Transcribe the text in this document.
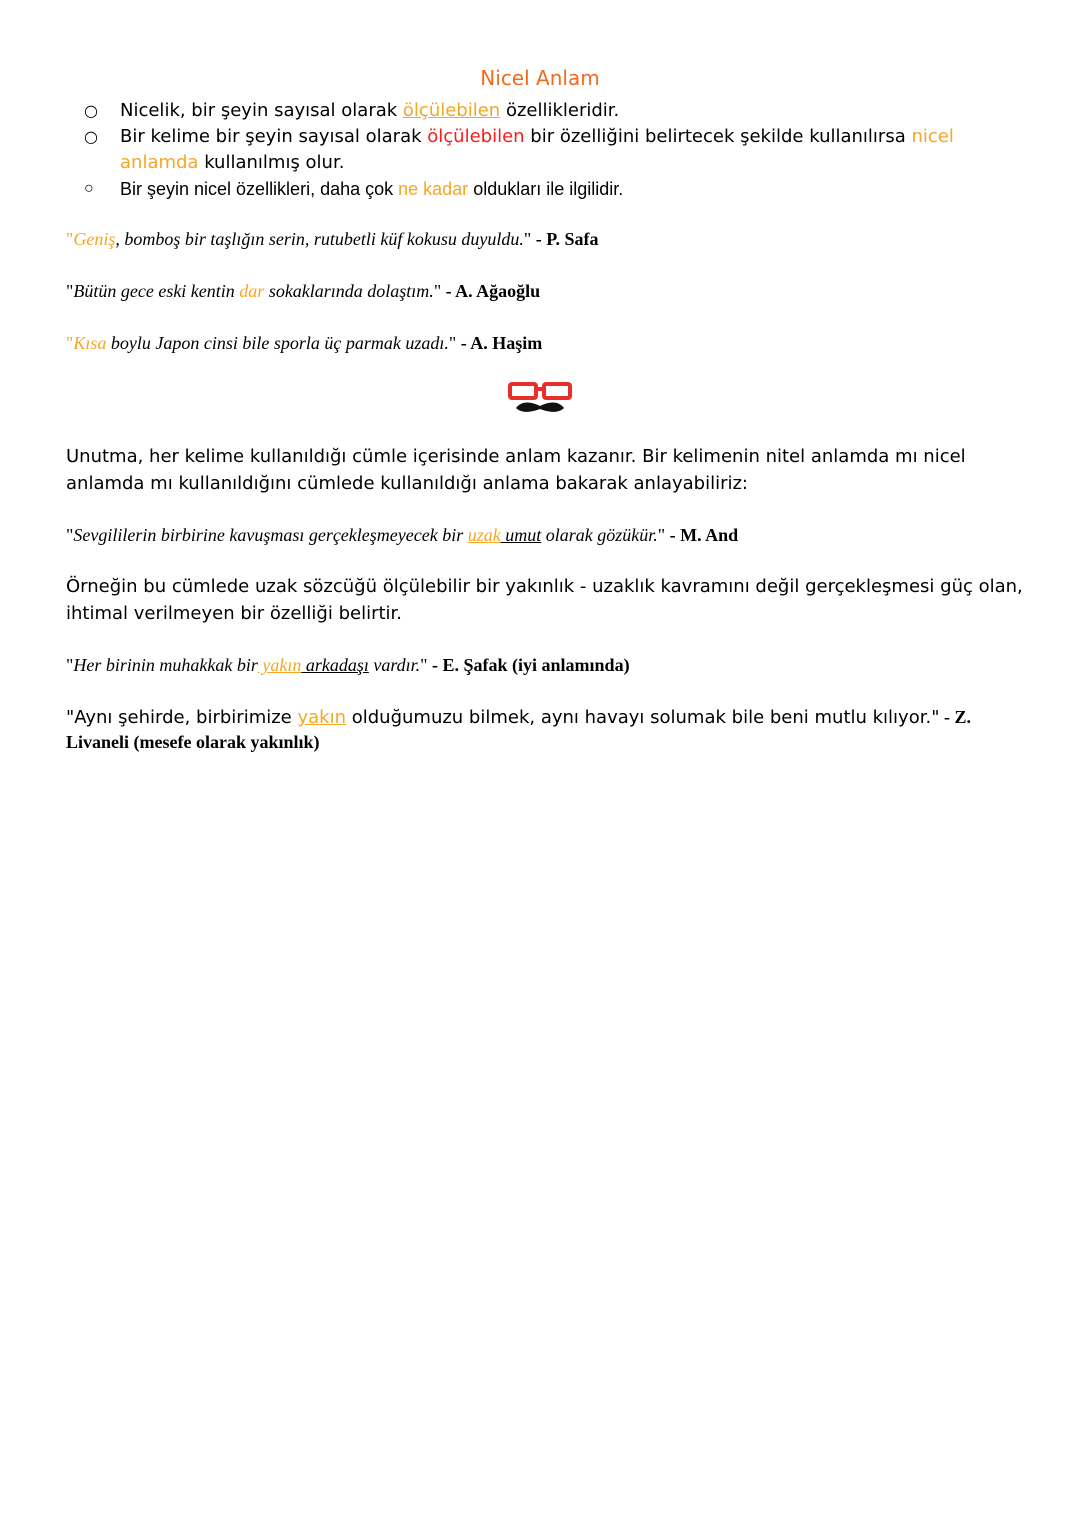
Nicel Anlam
○ Nicelik, bir şeyin sayısal olarak ölçülebilen özellikleridir.
○ Bir kelime bir şeyin sayısal olarak ölçülebilen bir özelliğini belirtecek şekilde kullanılırsa nicel anlamda kullanılmış olur.
○ Bir şeyin nicel özellikleri, daha çok ne kadar oldukları ile ilgilidir.
"Geniş, bomboş bir taşlığın serin, rutubetli küf kokusu duyuldu." - P. Safa
"Bütün gece eski kentin dar sokaklarında dolaştım." - A. Ağaoğlu
"Kısa boylu Japon cinsi bile sporla üç parmak uzadı." - A. Haşim
Unutma, her kelime kullanıldığı cümle içerisinde anlam kazanır. Bir kelimenin nitel anlamda mı nicel anlamda mı kullanıldığını cümlede kullanıldığı anlama bakarak anlayabiliriz:
"Sevgililerin birbirine kavuşması gerçekleşmeyecek bir uzak umut olarak gözükür." - M. And
Örneğin bu cümlede uzak sözcüğü ölçülebilir bir yakınlık - uzaklık kavramını değil gerçekleşmesi güç olan, ihtimal verilmeyen bir özelliği belirtir.
"Her birinin muhakkak bir yakın arkadaşı vardır." - E. Şafak (iyi anlamında)
"Aynı şehirde, birbirimize yakın olduğumuzu bilmek, aynı havayı solumak bile beni mutlu kılıyor." - Z. Livaneli (mesefe olarak yakınlık)
